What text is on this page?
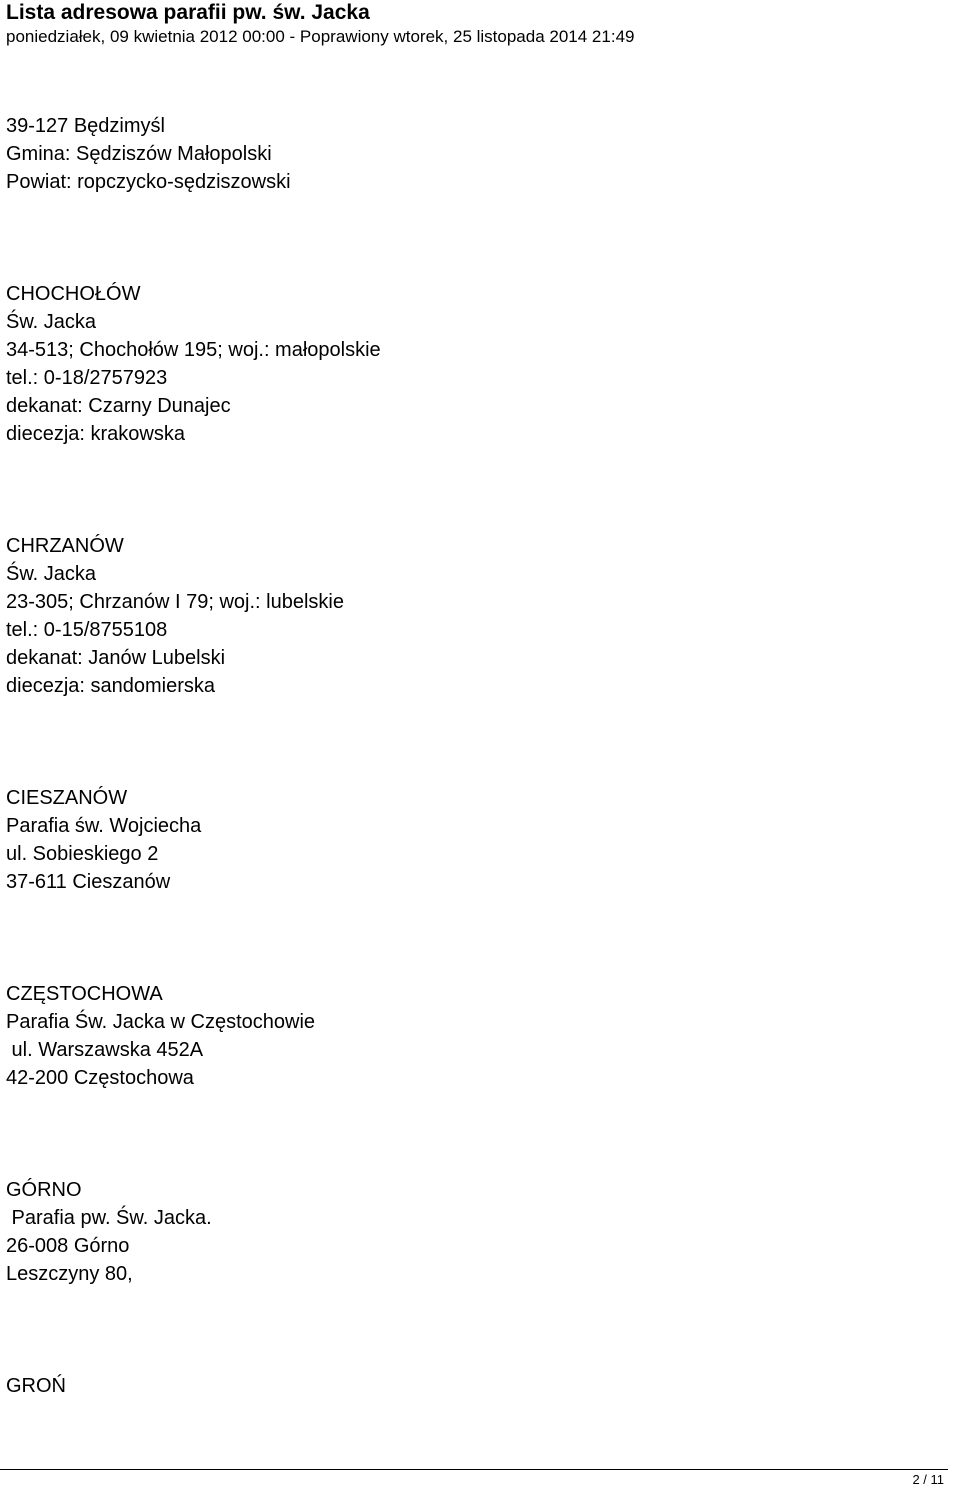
Lista adresowa parafii pw. św. Jacka
poniedziałek, 09 kwietnia 2012 00:00 - Poprawiony wtorek, 25 listopada 2014 21:49
39-127 Będzimyśl
Gmina: Sędziszów Małopolski
Powiat: ropczycko-sędziszowski
CHOCHOŁÓW
Św. Jacka
34-513; Chochołów 195; woj.: małopolskie
tel.: 0-18/2757923
dekanat: Czarny Dunajec
diecezja: krakowska
CHRZANÓW
Św. Jacka
23-305; Chrzanów I 79; woj.: lubelskie
tel.: 0-15/8755108
dekanat: Janów Lubelski
diecezja: sandomierska
CIESZANÓW
Parafia św. Wojciecha
ul. Sobieskiego 2
37-611 Cieszanów
CZĘSTOCHOWA
Parafia Św. Jacka w Częstochowie
ul. Warszawska 452A
42-200 Częstochowa
GÓRNO
Parafia pw. Św. Jacka.
26-008 Górno
Leszczyny 80,
GROŃ
2 / 11
